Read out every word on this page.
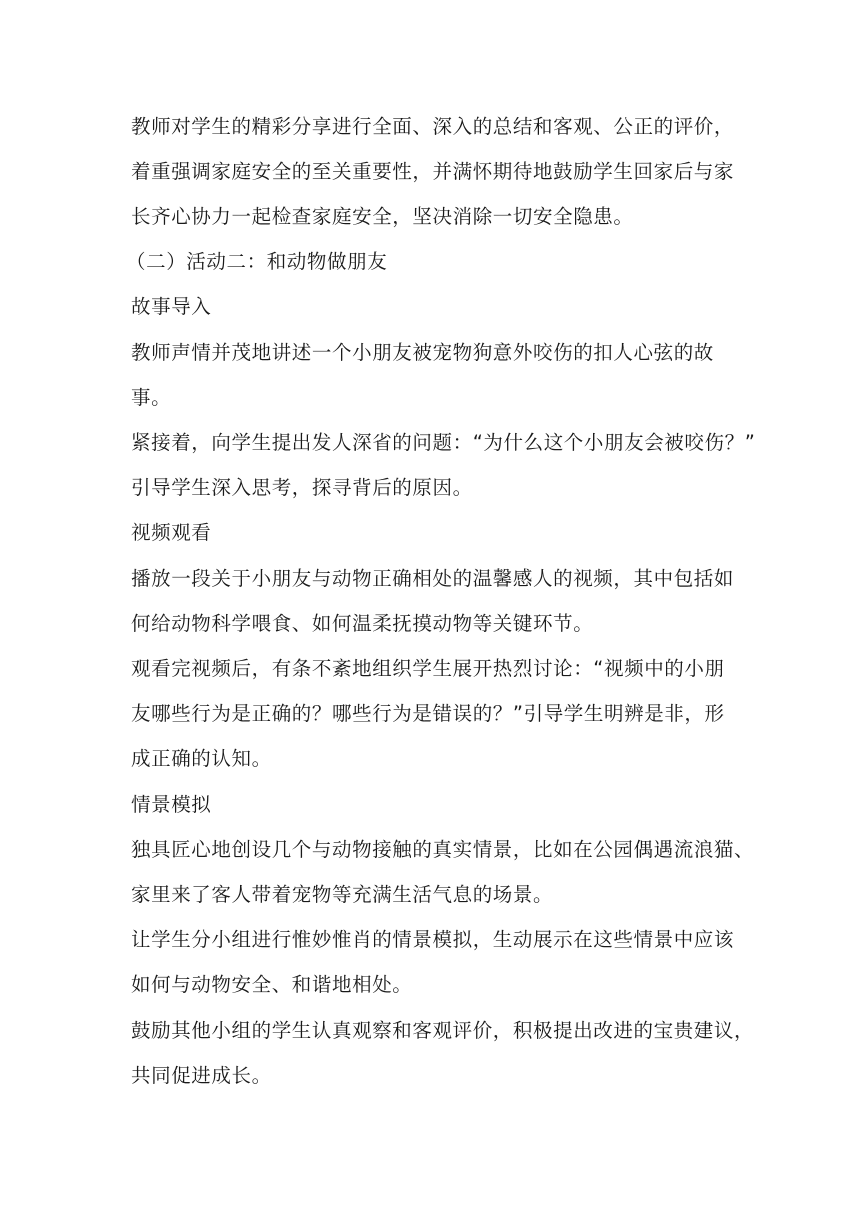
教师对学生的精彩分享进行全面、深入的总结和客观、公正的评价，
着重强调家庭安全的至关重要性，并满怀期待地鼓励学生回家后与家
长齐心协力一起检查家庭安全，坚决消除一切安全隐患。
（二）活动二：和动物做朋友
故事导入
教师声情并茂地讲述一个小朋友被宠物狗意外咬伤的扣人心弦的故
事。
紧接着，向学生提出发人深省的问题：“为什么这个小朋友会被咬伤？”
引导学生深入思考，探寻背后的原因。
视频观看
播放一段关于小朋友与动物正确相处的温馨感人的视频，其中包括如
何给动物科学喂食、如何温柔抚摸动物等关键环节。
观看完视频后，有条不紊地组织学生展开热烈讨论：“视频中的小朋
友哪些行为是正确的？哪些行为是错误的？”引导学生明辨是非，形
成正确的认知。
情景模拟
独具匠心地创设几个与动物接触的真实情景，比如在公园偶遇流浪猫、
家里来了客人带着宠物等充满生活气息的场景。
让学生分小组进行惟妙惟肖的情景模拟，生动展示在这些情景中应该
如何与动物安全、和谐地相处。
鼓励其他小组的学生认真观察和客观评价，积极提出改进的宝贵建议，
共同促进成长。
